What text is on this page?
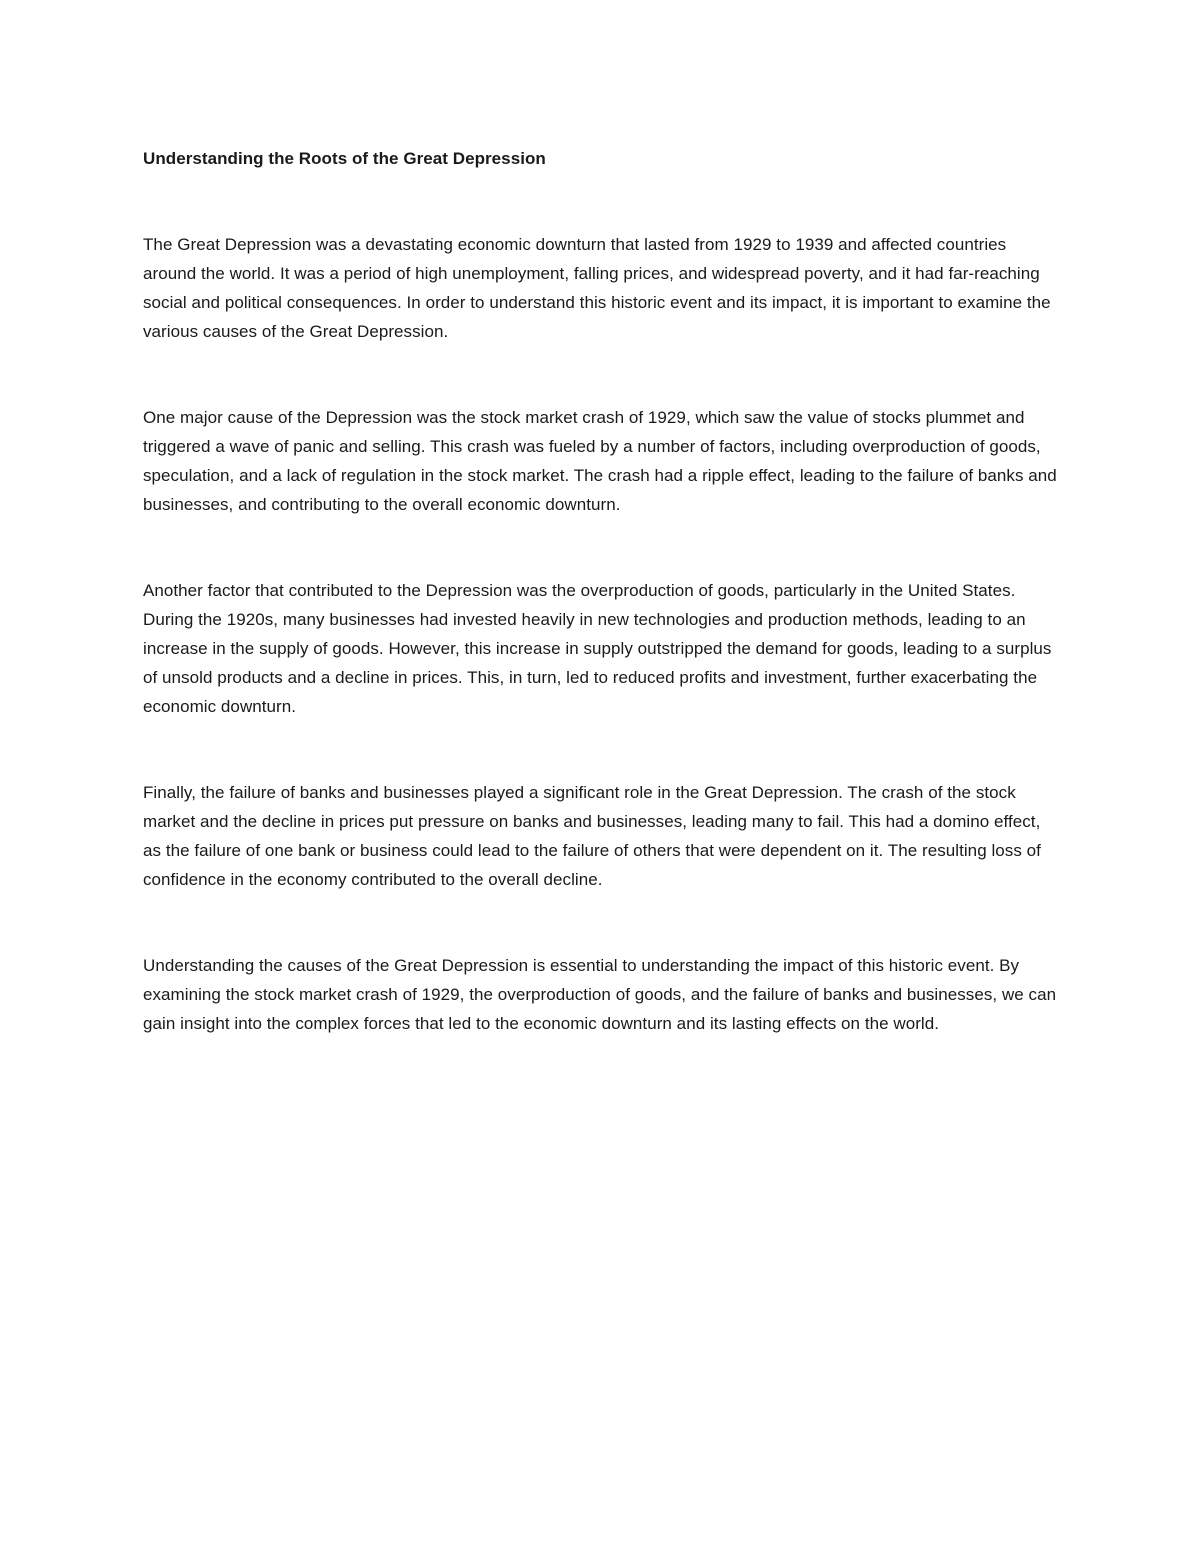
Understanding the Roots of the Great Depression

The Great Depression was a devastating economic downturn that lasted from 1929 to 1939 and affected countries around the world. It was a period of high unemployment, falling prices, and widespread poverty, and it had far-reaching social and political consequences. In order to understand this historic event and its impact, it is important to examine the various causes of the Great Depression.

One major cause of the Depression was the stock market crash of 1929, which saw the value of stocks plummet and triggered a wave of panic and selling. This crash was fueled by a number of factors, including overproduction of goods, speculation, and a lack of regulation in the stock market. The crash had a ripple effect, leading to the failure of banks and businesses, and contributing to the overall economic downturn.

Another factor that contributed to the Depression was the overproduction of goods, particularly in the United States. During the 1920s, many businesses had invested heavily in new technologies and production methods, leading to an increase in the supply of goods. However, this increase in supply outstripped the demand for goods, leading to a surplus of unsold products and a decline in prices. This, in turn, led to reduced profits and investment, further exacerbating the economic downturn.

Finally, the failure of banks and businesses played a significant role in the Great Depression. The crash of the stock market and the decline in prices put pressure on banks and businesses, leading many to fail. This had a domino effect, as the failure of one bank or business could lead to the failure of others that were dependent on it. The resulting loss of confidence in the economy contributed to the overall decline.

Understanding the causes of the Great Depression is essential to understanding the impact of this historic event. By examining the stock market crash of 1929, the overproduction of goods, and the failure of banks and businesses, we can gain insight into the complex forces that led to the economic downturn and its lasting effects on the world.
